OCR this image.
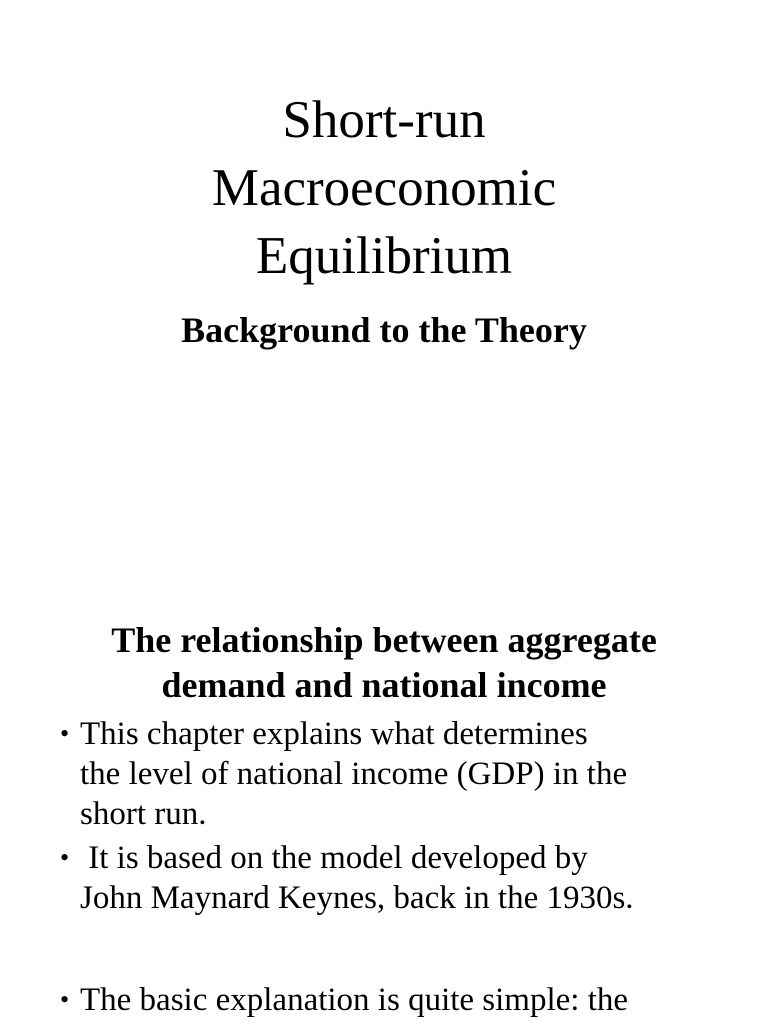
Short-run
Macroeconomic
Equilibrium
Background to the Theory
The relationship between aggregate
demand and national income
• This chapter explains what determines
the level of national income (GDP) in the
short run.
• It is based on the model developed by
John Maynard Keynes, back in the 1930s.
• The basic explanation is quite simple: the
